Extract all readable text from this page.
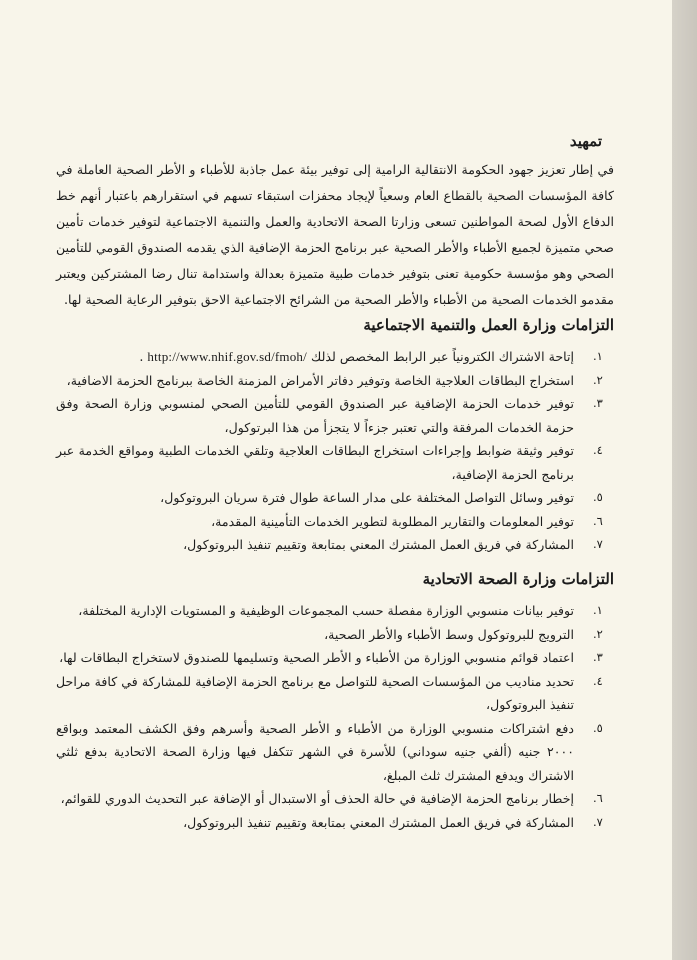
تمهيد

في إطار تعزيز جهود الحكومة الانتقالية الرامية إلى توفير بيئة عمل جاذبة للأطباء و الأطر الصحية العاملة في كافة المؤسسات الصحية بالقطاع العام وسعياً لإيجاد محفزات استبقاء تسهم في استقرارهم باعتبار أنهم خط الدفاع الأول لصحة المواطنين تسعى وزارتا الصحة الاتحادية والعمل والتنمية الاجتماعية لتوفير خدمات تأمين صحي متميزة لجميع الأطباء والأطر الصحية عبر برنامج الحزمة الإضافية الذي يقدمه الصندوق القومي للتأمين الصحي وهو مؤسسة حكومية تعنى بتوفير خدمات طبية متميزة بعدالة واستدامة تنال رضا المشتركين ويعتبر مقدمو الخدمات الصحية من الأطباء والأطر الصحية من الشرائح الاجتماعية الاحق بتوفير الرعاية الصحية لها.

التزامات وزارة العمل والتنمية الاجتماعية

١.
إتاحة الاشتراك الكترونياً عبر الرابط المخصص لذلك http://www.nhif.gov.sd/fmoh/ .
٢.
استخراج البطاقات العلاجية الخاصة وتوفير دفاتر الأمراض المزمنة الخاصة ببرنامج الحزمة الاضافية،
٣.
توفير خدمات الحزمة الإضافية عبر الصندوق القومي للتأمين الصحي لمنسوبي وزارة الصحة وفق حزمة الخدمات المرفقة والتي تعتبر جزءاً لا يتجزأ من هذا البرتوكول،
٤.
توفير وثيقة ضوابط وإجراءات استخراج البطاقات العلاجية وتلقي الخدمات الطبية ومواقع الخدمة عبر برنامج الحزمة الإضافية،
٥.
توفير وسائل التواصل المختلفة على مدار الساعة طوال فترة سريان البروتوكول،
٦.
توفير المعلومات والتقارير المطلوبة لتطوير الخدمات التأمينية المقدمة،
٧.
المشاركة في فريق العمل المشترك المعني بمتابعة وتقييم تنفيذ البروتوكول،

التزامات وزارة الصحة الاتحادية

١.
توفير بيانات منسوبي الوزارة مفصلة حسب المجموعات الوظيفية و المستويات الإدارية المختلفة،
٢.
الترويج للبروتوكول وسط الأطباء والأطر الصحية،
٣.
اعتماد قوائم منسوبي الوزارة من الأطباء و الأطر الصحية وتسليمها للصندوق لاستخراج البطاقات لها،
٤.
تحديد مناديب من المؤسسات الصحية للتواصل مع برنامج الحزمة الإضافية للمشاركة في كافة مراحل تنفيذ البروتوكول،
٥.
دفع اشتراكات منسوبي الوزارة من الأطباء و الأطر الصحية وأسرهم وفق الكشف المعتمد وبواقع ٢٠٠٠ جنيه (ألفي جنيه سوداني) للأسرة في الشهر تتكفل فيها وزارة الصحة الاتحادية بدفع ثلثي الاشتراك ويدفع المشترك ثلث المبلغ،
٦.
إخطار برنامج الحزمة الإضافية في حالة الحذف أو الاستبدال أو الإضافة عبر التحديث الدوري للقوائم،
٧.
المشاركة في فريق العمل المشترك المعني بمتابعة وتقييم تنفيذ البروتوكول،
